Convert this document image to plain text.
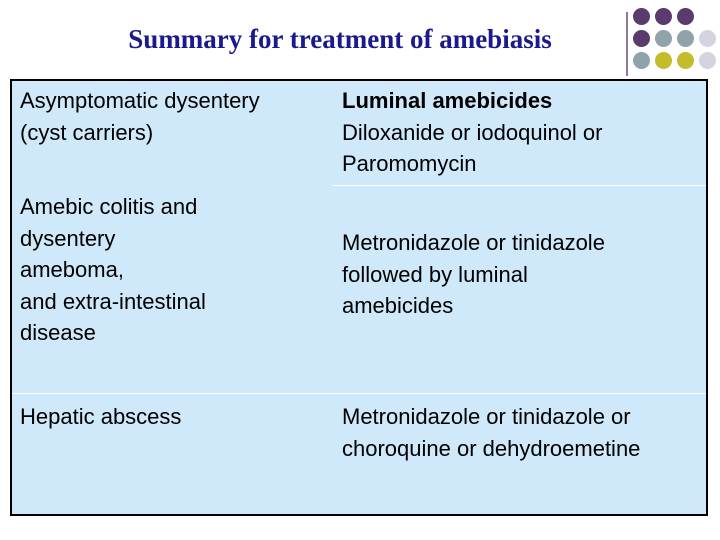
Summary for treatment of amebiasis
Asymptomatic dysentery
(cyst carriers)
Luminal amebicides
Diloxanide or iodoquinol or
Paromomycin
Amebic colitis and
dysentery
ameboma,
and extra-intestinal
disease
Metronidazole or tinidazole
followed by luminal
amebicides
Hepatic abscess	Metronidazole or tinidazole or
choroquine or dehydroemetine
